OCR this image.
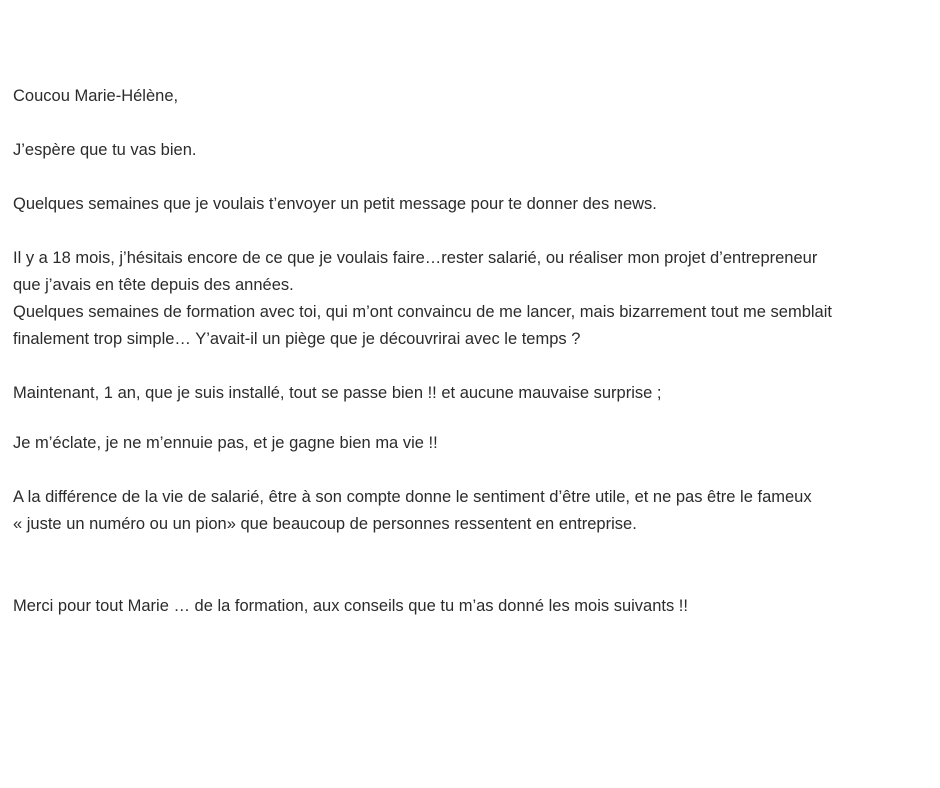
Coucou Marie-Hélène,

J’espère que tu vas bien.

Quelques semaines que je voulais t’envoyer un petit message pour te donner des news.

Il y a 18 mois, j’hésitais encore de ce que je voulais faire…rester salarié, ou réaliser mon projet d’entrepreneur

que j’avais en tête depuis des années.

Quelques semaines de formation avec toi, qui m’ont convaincu de me lancer, mais bizarrement tout me semblait

finalement trop simple… Y’avait-il un piège que je découvrirai avec le temps ?

Maintenant, 1 an, que je suis installé, tout se passe bien !! et aucune mauvaise surprise ;

Je m’éclate, je ne m’ennuie pas, et je gagne bien ma vie !!

A la différence de la vie de salarié, être à son compte donne le sentiment d’être utile, et ne pas être le fameux

« juste un numéro ou un pion» que beaucoup de personnes ressentent en entreprise.

Merci pour tout Marie … de la formation, aux conseils que tu m’as donné les mois suivants !!
